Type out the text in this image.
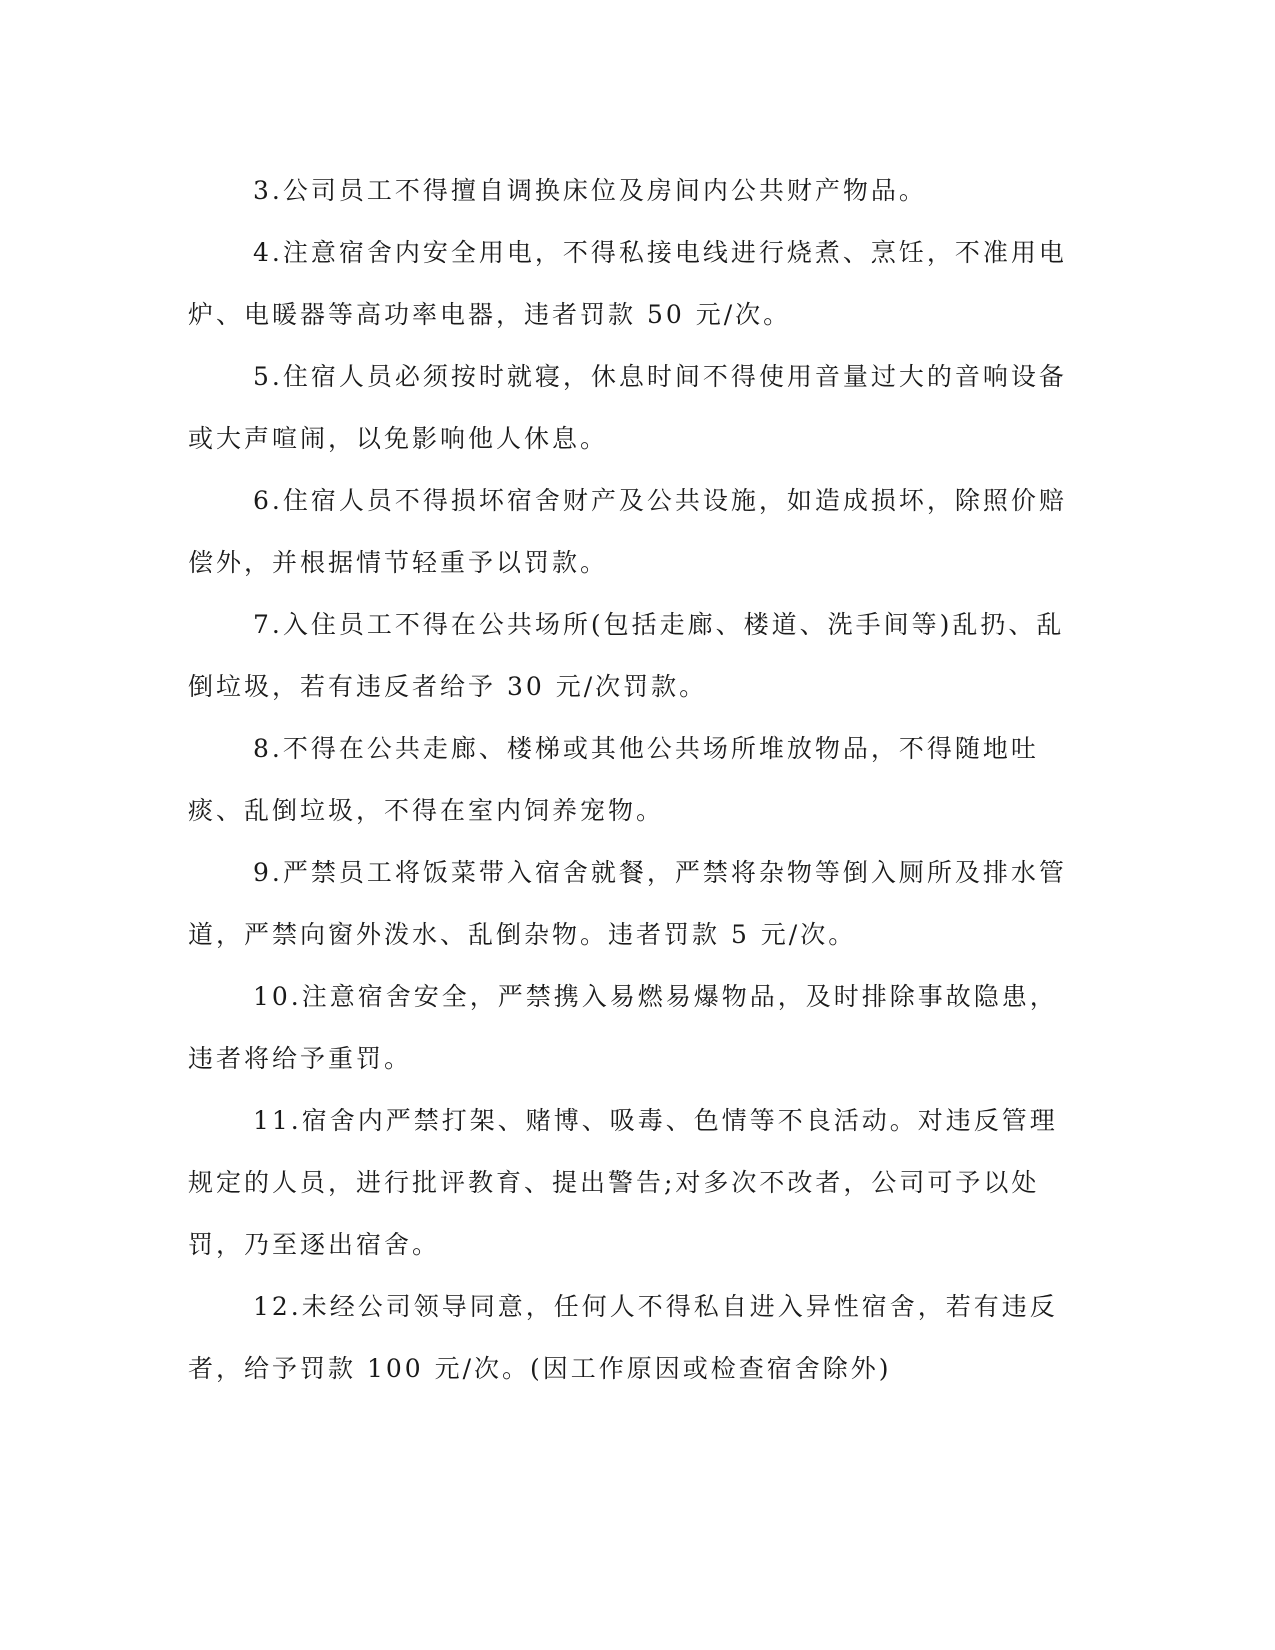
3.公司员工不得擅自调换床位及房间内公共财产物品。

4.注意宿舍内安全用电，不得私接电线进行烧煮、烹饪，不准用电炉、电暖器等高功率电器，违者罚款 50 元/次。

5.住宿人员必须按时就寝，休息时间不得使用音量过大的音响设备或大声喧闹，以免影响他人休息。

6.住宿人员不得损坏宿舍财产及公共设施，如造成损坏，除照价赔偿外，并根据情节轻重予以罚款。

7.入住员工不得在公共场所(包括走廊、楼道、洗手间等)乱扔、乱倒垃圾，若有违反者给予 30 元/次罚款。

8.不得在公共走廊、楼梯或其他公共场所堆放物品，不得随地吐痰、乱倒垃圾，不得在室内饲养宠物。

9.严禁员工将饭菜带入宿舍就餐，严禁将杂物等倒入厕所及排水管道，严禁向窗外泼水、乱倒杂物。违者罚款 5 元/次。

10.注意宿舍安全，严禁携入易燃易爆物品，及时排除事故隐患，违者将给予重罚。

11.宿舍内严禁打架、赌博、吸毒、色情等不良活动。对违反管理规定的人员，进行批评教育、提出警告;对多次不改者，公司可予以处罚，乃至逐出宿舍。

12.未经公司领导同意，任何人不得私自进入异性宿舍，若有违反者，给予罚款 100 元/次。(因工作原因或检查宿舍除外)
